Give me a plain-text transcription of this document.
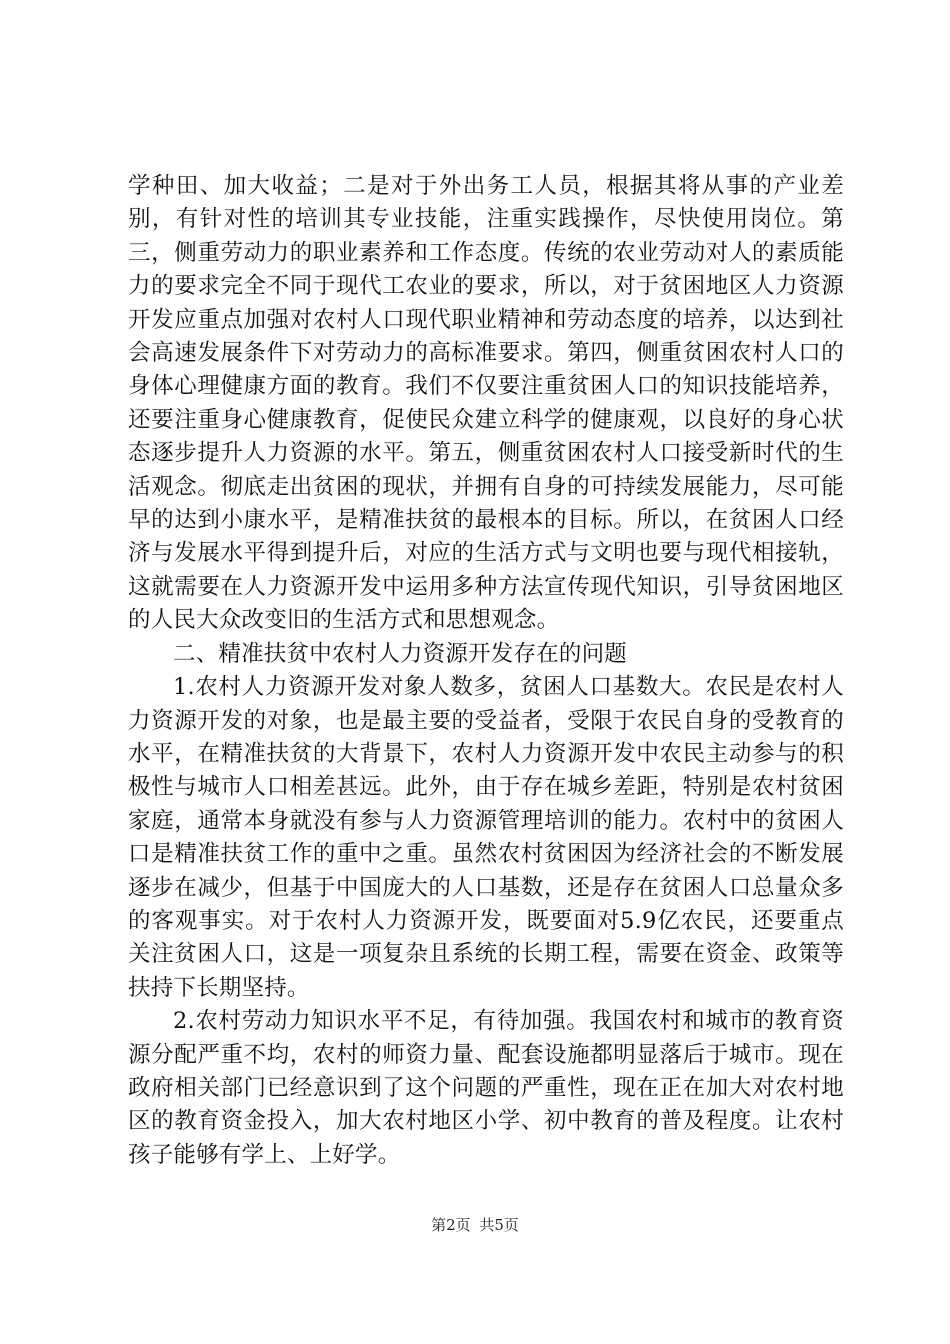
学种田、加大收益；二是对于外出务工人员，根据其将从事的产业差别，有针对性的培训其专业技能，注重实践操作，尽快使用岗位。第三，侧重劳动力的职业素养和工作态度。传统的农业劳动对人的素质能力的要求完全不同于现代工农业的要求，所以，对于贫困地区人力资源开发应重点加强对农村人口现代职业精神和劳动态度的培养，以达到社会高速发展条件下对劳动力的高标准要求。第四，侧重贫困农村人口的身体心理健康方面的教育。我们不仅要注重贫困人口的知识技能培养，还要注重身心健康教育，促使民众建立科学的健康观，以良好的身心状态逐步提升人力资源的水平。第五，侧重贫困农村人口接受新时代的生活观念。彻底走出贫困的现状，并拥有自身的可持续发展能力，尽可能早的达到小康水平，是精准扶贫的最根本的目标。所以，在贫困人口经济与发展水平得到提升后，对应的生活方式与文明也要与现代相接轨，这就需要在人力资源开发中运用多种方法宣传现代知识，引导贫困地区的人民大众改变旧的生活方式和思想观念。

二、精准扶贫中农村人力资源开发存在的问题

1.农村人力资源开发对象人数多，贫困人口基数大。农民是农村人力资源开发的对象，也是最主要的受益者，受限于农民自身的受教育的水平，在精准扶贫的大背景下，农村人力资源开发中农民主动参与的积极性与城市人口相差甚远。此外，由于存在城乡差距，特别是农村贫困家庭，通常本身就没有参与人力资源管理培训的能力。农村中的贫困人口是精准扶贫工作的重中之重。虽然农村贫困因为经济社会的不断发展逐步在减少，但基于中国庞大的人口基数，还是存在贫困人口总量众多的客观事实。对于农村人力资源开发，既要面对5.9亿农民，还要重点关注贫困人口，这是一项复杂且系统的长期工程，需要在资金、政策等扶持下长期坚持。

2.农村劳动力知识水平不足，有待加强。我国农村和城市的教育资源分配严重不均，农村的师资力量、配套设施都明显落后于城市。现在政府相关部门已经意识到了这个问题的严重性，现在正在加大对农村地区的教育资金投入，加大农村地区小学、初中教育的普及程度。让农村孩子能够有学上、上好学。

第2页 共5页
